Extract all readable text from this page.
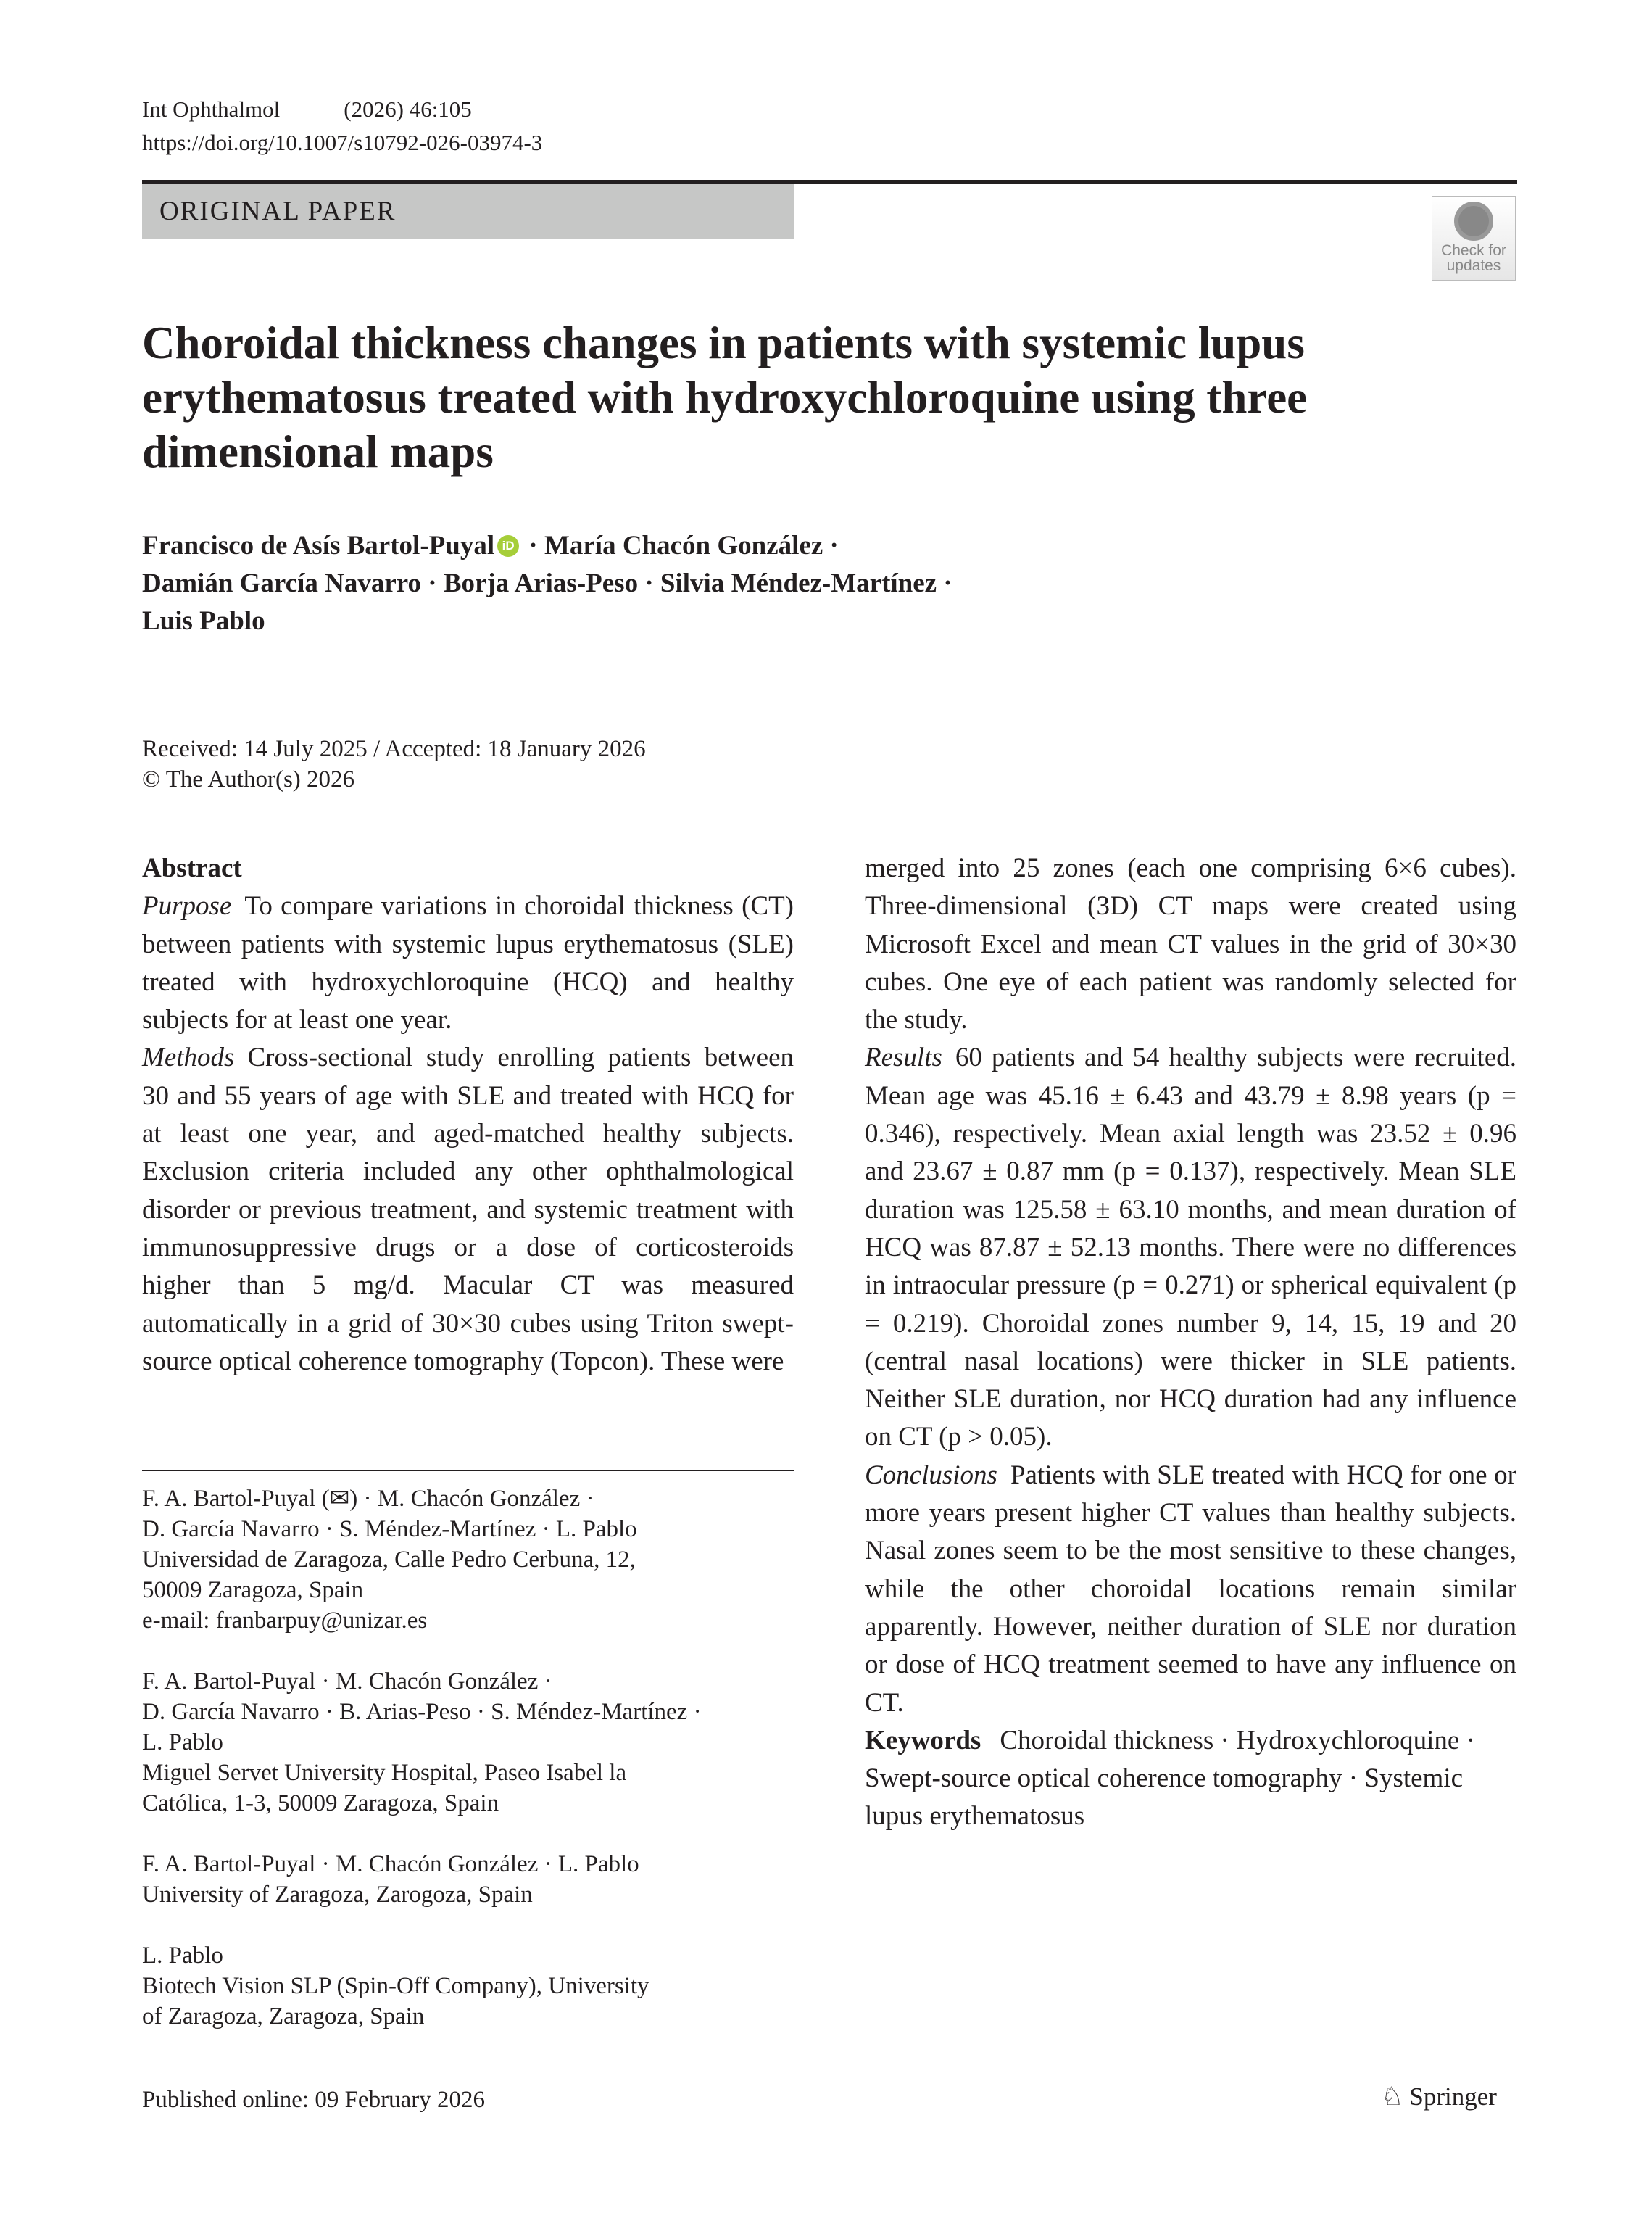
Int Ophthalmol	(2026) 46:105
https://doi.org/10.1007/s10792-026-03974-3
ORIGINAL PAPER
Check for
updates
Choroidal thickness changes in patients with systemic lupus erythematosus treated with hydroxychloroquine using three dimensional maps
Francisco de Asís Bartol-Puyal iD · María Chacón González ·
Damián García Navarro · Borja Arias-Peso · Silvia Méndez-Martínez ·
Luis Pablo
Received: 14 July 2025 / Accepted: 18 January 2026
© The Author(s) 2026

Abstract

Purpose To compare variations in choroidal thickness (CT) between patients with systemic lupus erythematosus (SLE) treated with hydroxychloroquine (HCQ) and healthy subjects for at least one year.

Methods Cross-sectional study enrolling patients between 30 and 55 years of age with SLE and treated with HCQ for at least one year, and aged-matched healthy subjects. Exclusion criteria included any other ophthalmological disorder or previous treatment, and systemic treatment with immunosuppressive drugs or a dose of corticosteroids higher than 5 mg/d. Macular CT was measured automatically in a grid of 30×30 cubes using Triton swept-source optical coherence tomography (Topcon). These were

merged into 25 zones (each one comprising 6×6 cubes). Three-dimensional (3D) CT maps were created using Microsoft Excel and mean CT values in the grid of 30×30 cubes. One eye of each patient was randomly selected for the study.

Results 60 patients and 54 healthy subjects were recruited. Mean age was 45.16 ± 6.43 and 43.79 ± 8.98 years (p = 0.346), respectively. Mean axial length was 23.52 ± 0.96 and 23.67 ± 0.87 mm (p = 0.137), respectively. Mean SLE duration was 125.58 ± 63.10 months, and mean duration of HCQ was 87.87 ± 52.13 months. There were no differences in intraocular pressure (p = 0.271) or spherical equivalent (p = 0.219). Choroidal zones number 9, 14, 15, 19 and 20 (central nasal locations) were thicker in SLE patients. Neither SLE duration, nor HCQ duration had any influence on CT (p > 0.05).

Conclusions Patients with SLE treated with HCQ for one or more years present higher CT values than healthy subjects. Nasal zones seem to be the most sensitive to these changes, while the other choroidal locations remain similar apparently. However, neither duration of SLE nor duration or dose of HCQ treatment seemed to have any influence on CT.

Keywords Choroidal thickness · Hydroxychloroquine · Swept-source optical coherence tomography · Systemic lupus erythematosus

F. A. Bartol-Puyal (✉) · M. Chacón González ·
D. García Navarro · S. Méndez-Martínez · L. Pablo
Universidad de Zaragoza, Calle Pedro Cerbuna, 12,
50009 Zaragoza, Spain
e-mail: franbarpuy@unizar.es
F. A. Bartol-Puyal · M. Chacón González ·
D. García Navarro · B. Arias-Peso · S. Méndez-Martínez ·
L. Pablo
Miguel Servet University Hospital, Paseo Isabel la
Católica, 1-3, 50009 Zaragoza, Spain
F. A. Bartol-Puyal · M. Chacón González · L. Pablo
University of Zaragoza, Zarogoza, Spain
L. Pablo
Biotech Vision SLP (Spin-Off Company), University
of Zaragoza, Zaragoza, Spain
Published online: 09 February 2026	♘ Springer
